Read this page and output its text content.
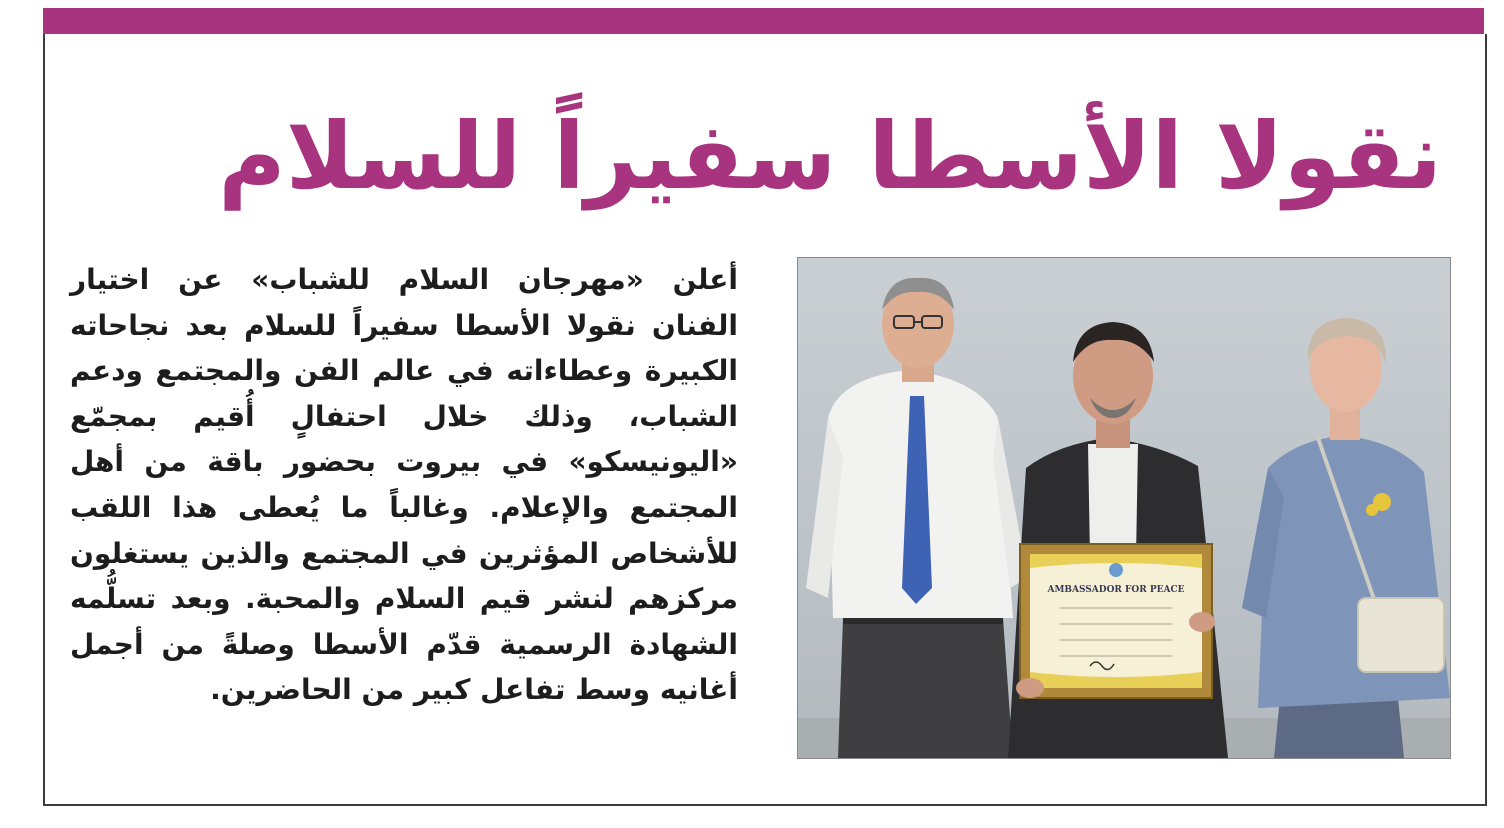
نقولا الأسطا سفيراً للسلام
أعلن «مهرجان السلام للشباب» عن اختيار الفنان نقولا الأسطا سفيراً للسلام بعد نجاحاته الكبيرة وعطاءاته في عالم الفن والمجتمع ودعم الشباب، وذلك خلال احتفالٍ أُقيم بمجمّع «اليونيسكو» في بيروت بحضور باقة من أهل المجتمع والإعلام. وغالباً ما يُعطى هذا اللقب للأشخاص المؤثرين في المجتمع والذين يستغلون مركزهم لنشر قيم السلام والمحبة. وبعد تسلُّمه الشهادة الرسمية قدّم الأسطا وصلةً من أجمل أغانيه وسط تفاعل كبير من الحاضرين.
AMBASSADOR FOR PEACE
